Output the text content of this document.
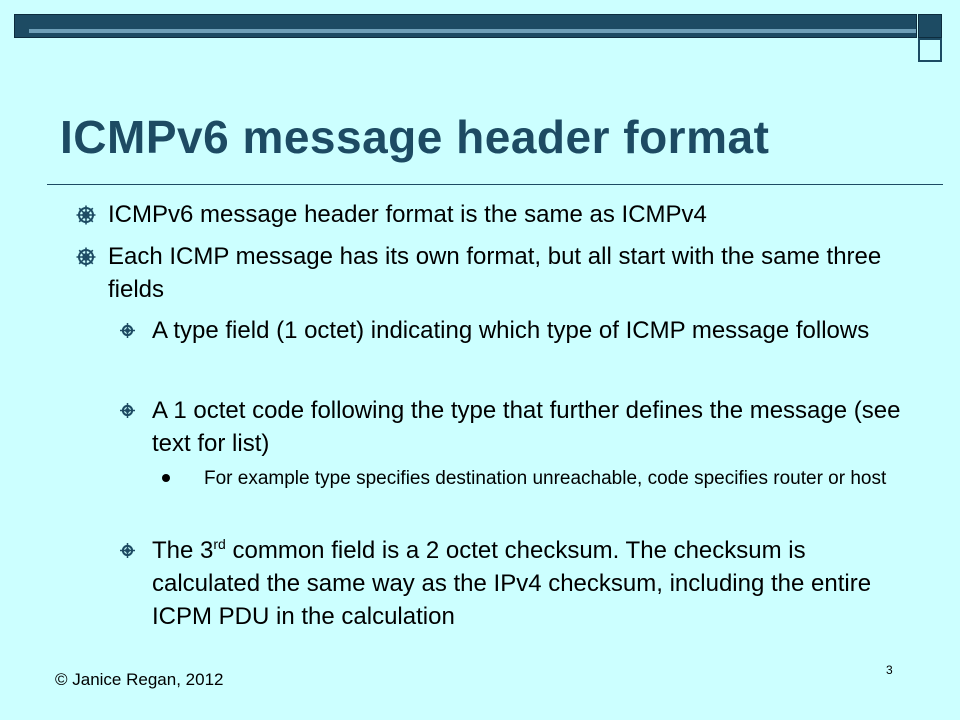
ICMPv6 message header format
ICMPv6 message header format is the same as ICMPv4
Each ICMP message has its own format, but all start with the same three fields
A type field (1 octet) indicating which type of ICMP message follows
A 1 octet code following the type that further defines the message (see text for list)
For example type specifies destination unreachable, code specifies router or host
The 3rd common field is a 2 octet checksum. The checksum is calculated the same way as the IPv4 checksum, including the entire ICPM PDU in the calculation
© Janice Regan, 2012	3
